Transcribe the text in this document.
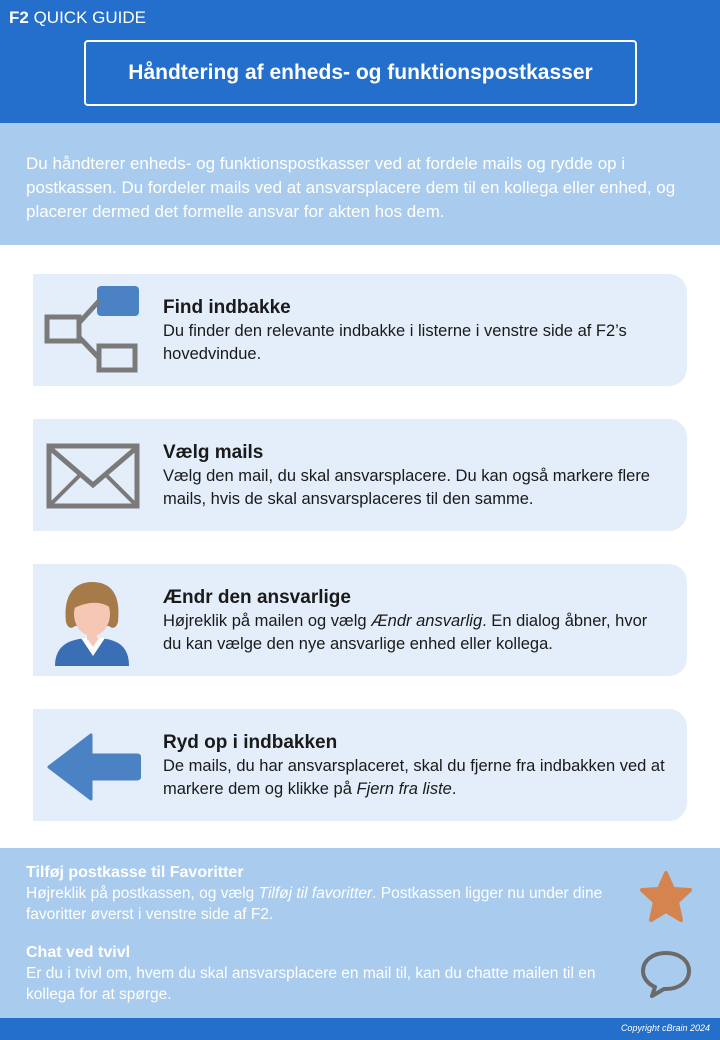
F2 QUICK GUIDE
Håndtering af enheds- og funktionspostkasser

Du håndterer enheds- og funktionspostkasser ved at fordele mails og rydde op i postkassen. Du fordeler mails ved at ansvarsplacere dem til en kollega eller enhed, og placerer dermed det formelle ansvar for akten hos dem.

Find indbakke
Du finder den relevante indbakke i listerne i venstre side af F2’s hovedvindue.
Vælg mails
Vælg den mail, du skal ansvarsplacere. Du kan også markere flere mails, hvis de skal ansvarsplaceres til den samme.
Ændr den ansvarlige
Højreklik på mailen og vælg Ændr ansvarlig. En dialog åbner, hvor du kan vælge den nye ansvarlige enhed eller kollega.
Ryd op i indbakken
De mails, du har ansvarsplaceret, skal du fjerne fra indbakken ved at markere dem og klikke på Fjern fra liste.
Tilføj postkasse til Favoritter
Højreklik på postkassen, og vælg Tilføj til favoritter. Postkassen ligger nu under dine favoritter øverst i venstre side af F2.
Chat ved tvivl
Er du i tvivl om, hvem du skal ansvarsplacere en mail til, kan du chatte mailen til en kollega for at spørge.
Copyright cBrain 2024
